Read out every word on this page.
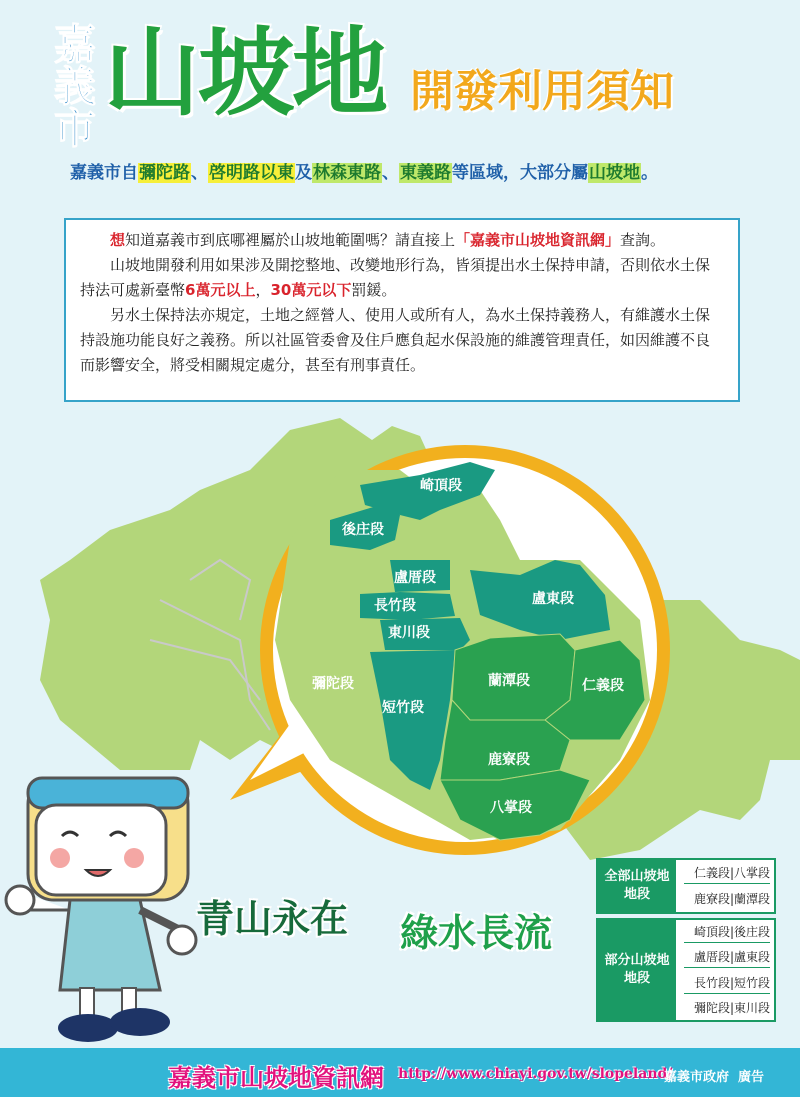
嘉義市 山坡地 開發利用須知
嘉義市自彌陀路、啓明路以東及林森東路、東義路等區域，大部分屬山坡地。

想知道嘉義市到底哪裡屬於山坡地範圍嗎？請直接上「嘉義市山坡地資訊網」查詢。

山坡地開發利用如果涉及開挖整地、改變地形行為，皆須提出水土保持申請，否則依水土保持法可處新臺幣6萬元以上，30萬元以下罰鍰。

另水土保持法亦規定，土地之經營人、使用人或所有人，為水土保持義務人，有維護水土保持設施功能良好之義務。所以社區管委會及住戶應負起水保設施的維護管理責任，如因維護不良而影響安全，將受相關規定處分，甚至有刑事責任。

崎頂段
後庄段
盧厝段
長竹段
東川段
盧東段
彌陀段
短竹段
蘭潭段	仁義段
鹿寮段
八掌段
青山永在 綠水長流
全部山坡地
地段
仁義段|八掌段
鹿寮段|蘭潭段
部分山坡地
地段
崎頂段|後庄段
盧厝段|盧東段
長竹段|短竹段
彌陀段|東川段
嘉義市山坡地資訊網 http://www.chiayi.gov.tw/slopeland/
嘉義市政府  廣告
